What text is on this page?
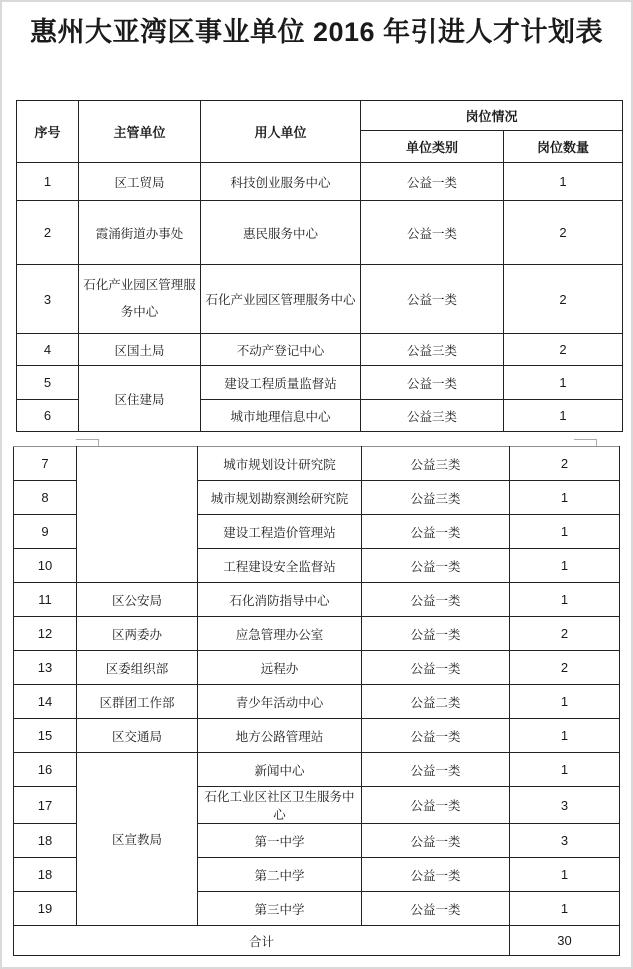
惠州大亚湾区事业单位 2016 年引进人才计划表
序号	主管单位	用人单位	岗位情况	
			单位类别	岗位数量
1	区工贸局	科技创业服务中心	公益一类	1
2	霞涌街道办事处	惠民服务中心	公益一类	2
3	石化产业园区管理服务中心	石化产业园区管理服务中心	公益一类	2
4	区国土局	不动产登记中心	公益三类	2
5	区住建局	建设工程质量监督站	公益一类	1
6		城市地理信息中心	公益三类	1
7		城市规划设计研究院	公益三类	2
8		城市规划勘察测绘研究院	公益三类	1
9		建设工程造价管理站	公益一类	1
10		工程建设安全监督站	公益一类	1
11	区公安局	石化消防指导中心	公益一类	1
12	区两委办	应急管理办公室	公益一类	2
13	区委组织部	远程办	公益一类	2
14	区群团工作部	青少年活动中心	公益二类	1
15	区交通局	地方公路管理站	公益一类	1
16	区宣教局	新闻中心	公益一类	1
17		石化工业区社区卫生服务中心	公益一类	3
18		第一中学	公益一类	3
18		第二中学	公益一类	1
19		第三中学	公益一类	1
合计				30
